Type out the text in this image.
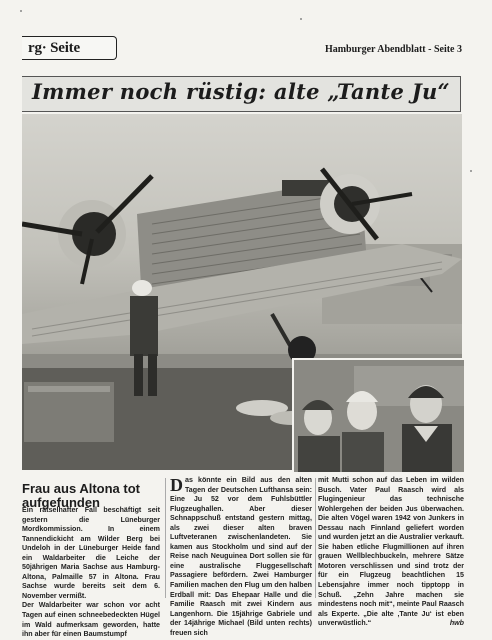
rg· Seite	Hamburger Abendblatt - Seite 3
Immer noch rüstig: alte „Tante Ju“
Frau aus Altona tot aufgefunden
Ein rätselhafter Fall beschäftigt seit gestern die Lüneburger Mordkommission. In einem Tannendickicht am Wilder Berg bei Undeloh in der Lüneburger Heide fand ein Waldarbeiter die Leiche der 50jährigen Maria Sachse aus Hamburg-Altona, Palmaille 57 in Altona. Frau Sachse wurde bereits seit dem 6. November vermißt.
Der Waldarbeiter war schon vor acht Tagen auf einen schneebedeckten Hügel im Wald aufmerksam geworden, hatte ihn aber für einen Baumstumpf
D as könnte ein Bild aus den alten Tagen der Deutschen Lufthansa sein: Eine Ju 52 vor dem Fuhlsbüttler Flugzeughallen. Aber dieser Schnappschuß entstand gestern mittag, als zwei dieser alten braven Luftveteranen zwischenlandeten. Sie kamen aus Stockholm und sind auf der Reise nach Neuguinea Dort sollen sie für eine australische Fluggesellschaft Passagiere befördern. Zwei Hamburger Familien machen den Flug um den halben Erdball mit: Das Ehepaar Halle und die Familie Raasch mit zwei Kindern aus Langenhorn. Die 15jährige Gabriele und der 14jährige Michael (Bild unten rechts) freuen sich
mit Mutti schon auf das Leben im wilden Busch. Vater Paul Raasch wird als Flugingenieur das technische Wohlergehen der beiden Jus überwachen. Die alten Vögel waren 1942 von Junkers in Dessau nach Finnland geliefert worden und wurden jetzt an die Australier verkauft. Sie haben etliche Flugmillionen auf ihren grauen Wellblechbuckeln, mehrere Sätze Motoren verschlissen und sind trotz der für ein Flugzeug beachtlichen 15 Lebensjahre immer noch tipptopp in Schuß. „Zehn Jahre machen sie mindestens noch mit“, meinte Paul Raasch als Experte. „Die alte ‚Tante Ju‘ ist eben unverwüstlich.“	hwb
